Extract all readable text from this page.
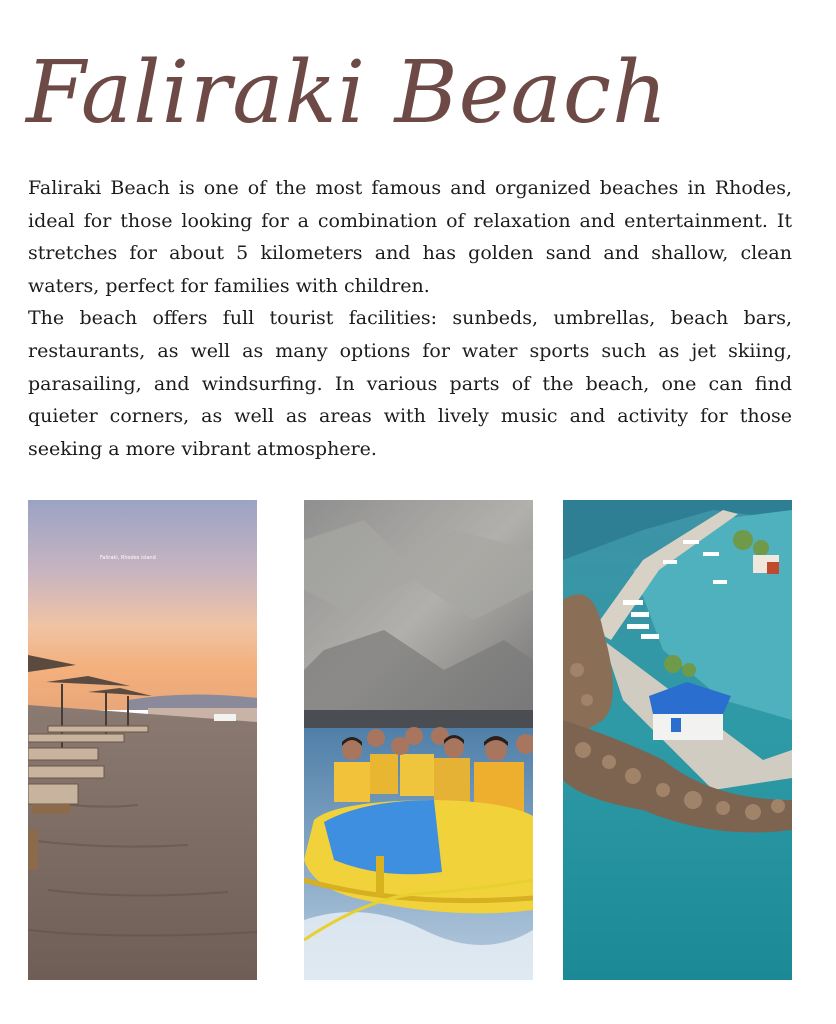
Faliraki Beach

Faliraki Beach is one of the most famous and organized beaches in Rhodes, ideal for those looking for a combination of relaxation and entertainment. It stretches for about 5 kilometers and has golden sand and shallow, clean waters, perfect for families with children.

The beach offers full tourist facilities: sunbeds, umbrellas, beach bars, restaurants, as well as many options for water sports such as jet skiing, parasailing, and windsurfing. In various parts of the beach, one can find quieter corners, as well as areas with lively music and activity for those seeking a more vibrant atmosphere.

Faliraki, Rhodes island
